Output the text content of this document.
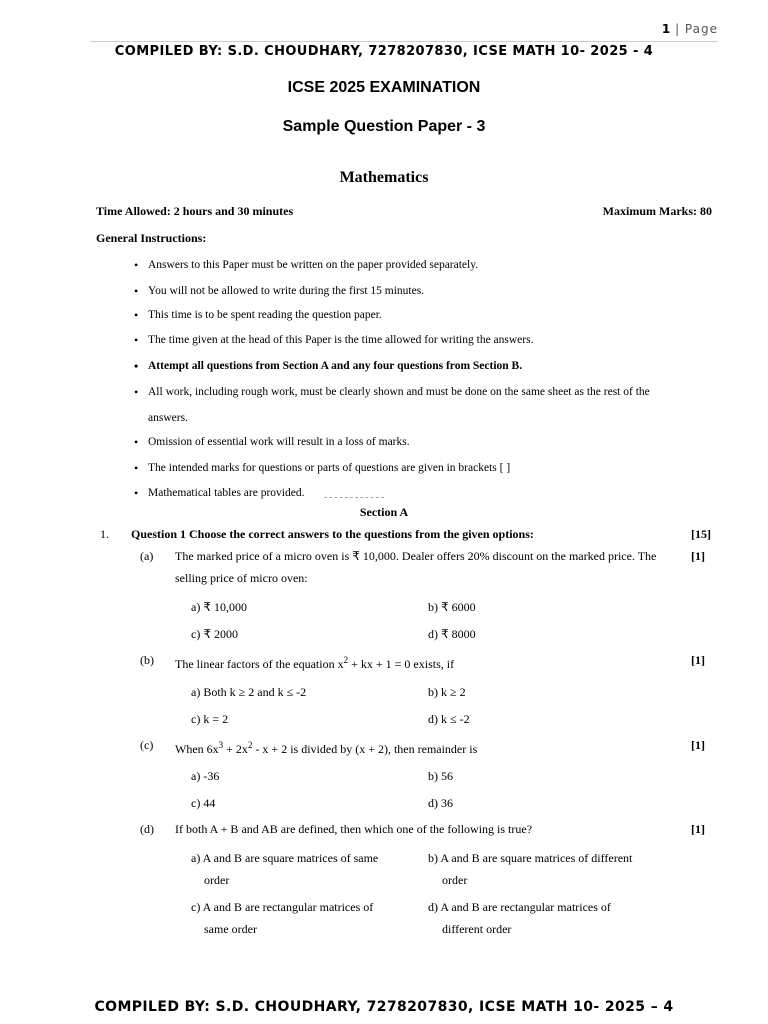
1 | Page
COMPILED BY: S.D. CHOUDHARY, 7278207830, ICSE MATH 10- 2025 - 4
ICSE 2025 EXAMINATION
Sample Question Paper - 3
Mathematics
Time Allowed: 2 hours and 30 minutes	Maximum Marks: 80
General Instructions:
• Answers to this Paper must be written on the paper provided separately.
• You will not be allowed to write during the first 15 minutes.
• This time is to be spent reading the question paper.
• The time given at the head of this Paper is the time allowed for writing the answers.
• Attempt all questions from Section A and any four questions from Section B.
• All work, including rough work, must be clearly shown and must be done on the same sheet as the rest of the
answers.
• Omission of essential work will result in a loss of marks.
• The intended marks for questions or parts of questions are given in brackets [ ]
• Mathematical tables are provided.
Section A
1. Question 1 Choose the correct answers to the questions from the given options:	[15]
(a) The marked price of a micro oven is ₹ 10,000. Dealer offers 20% discount on the marked price. The	[1]
selling price of micro oven:
a) ₹ 10,000	b) ₹ 6000
c) ₹ 2000	d) ₹ 8000
(b) The linear factors of the equation $x^2$ + kx + 1 = 0 exists, if	[1]
a) Both k ≥ 2 and k ≤ -2	b) k ≥ 2
c) k = 2	d) k ≤ -2
(c) When $6x^3 + 2x^2 - x + 2$ is divided by (x + 2), then remainder is	[1]
a) -36	b) 56
c) 44	d) 36
(d) If both A + B and AB are defined, then which one of the following is true?	[1]
a) A and B are square matrices of same
order
b) A and B are square matrices of different
order
c) A and B are rectangular matrices of
same order
d) A and B are rectangular matrices of
different order
COMPILED BY: S.D. CHOUDHARY, 7278207830, ICSE MATH 10- 2025 – 4
